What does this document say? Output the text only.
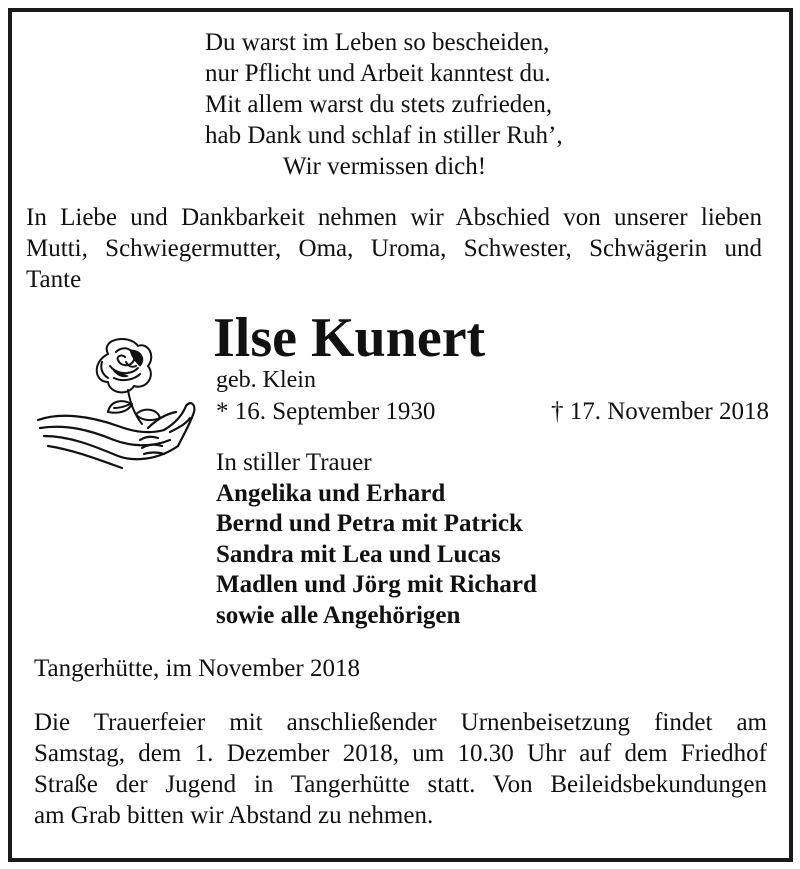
Du warst im Leben so bescheiden,
nur Pflicht und Arbeit kanntest du.
Mit allem warst du stets zufrieden,
hab Dank und schlaf in stiller Ruh’,
Wir vermissen dich!
In Liebe und Dankbarkeit nehmen wir Abschied von unserer lieben
Mutti, Schwiegermutter, Oma, Uroma, Schwester, Schwägerin und
Tante
Ilse Kunert
geb. Klein
* 16. September 1930	† 17. November 2018
In stiller Trauer
Angelika und Erhard
Bernd und Petra mit Patrick
Sandra mit Lea und Lucas
Madlen und Jörg mit Richard
sowie alle Angehörigen
Tangerhütte, im November 2018
Die Trauerfeier mit anschließender Urnenbeisetzung findet am
Samstag, dem 1. Dezember 2018, um 10.30 Uhr auf dem Friedhof
Straße der Jugend in Tangerhütte statt. Von Beileidsbekundungen
am Grab bitten wir Abstand zu nehmen.
